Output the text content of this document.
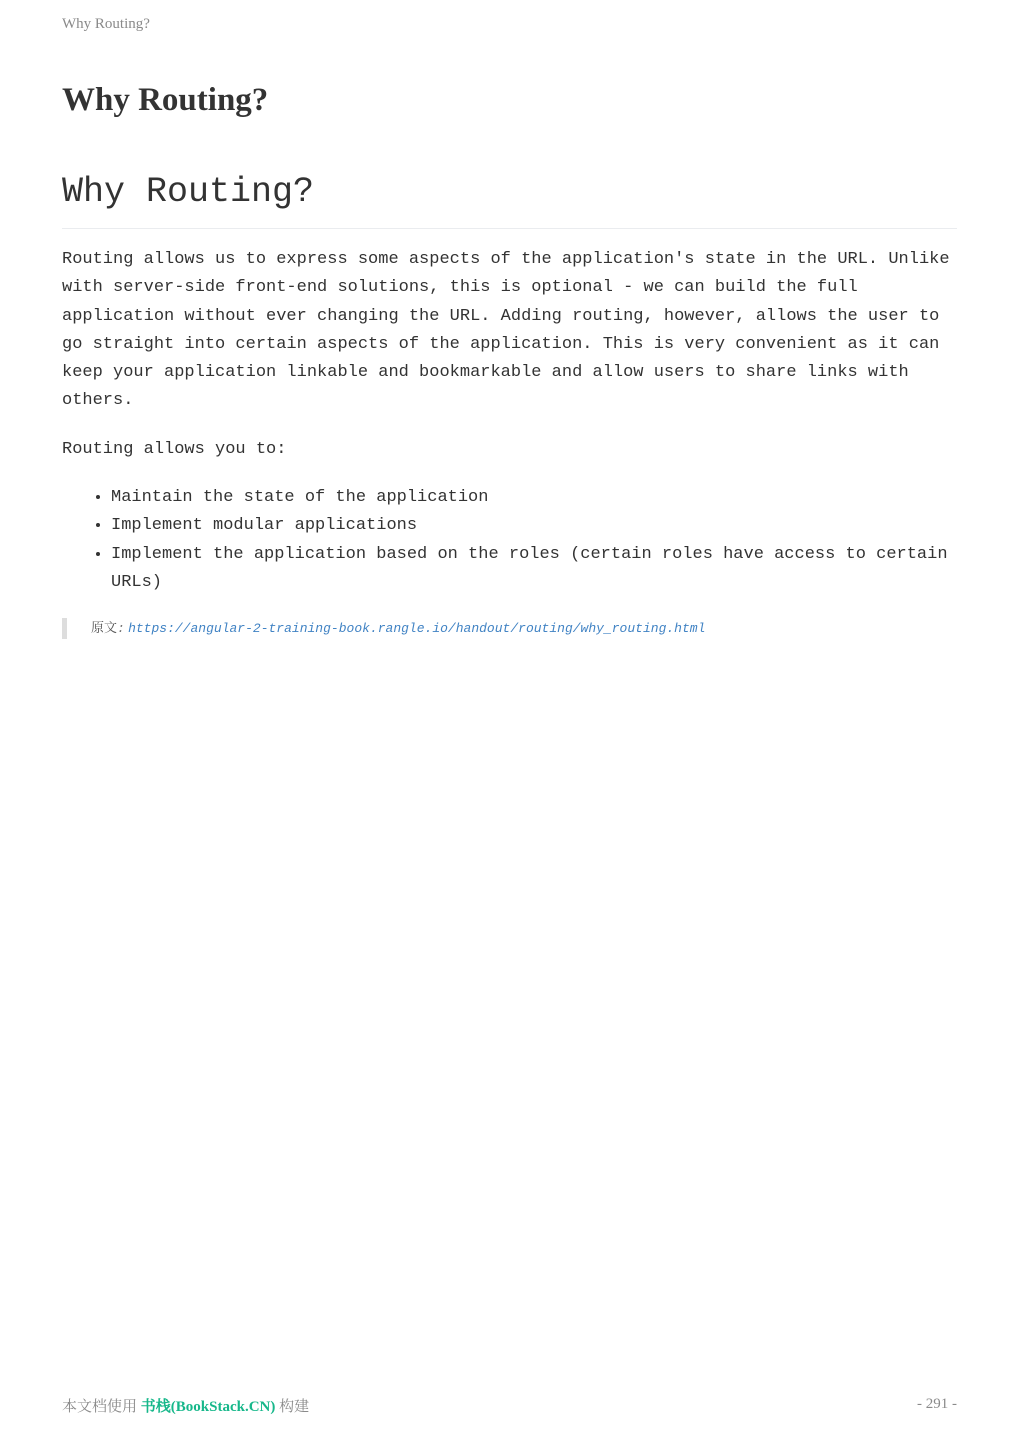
Why Routing?
Why Routing?
Why Routing?

Routing allows us to express some aspects of the application's state in the URL. Unlike with server-side front-end solutions, this is optional - we can build the full application without ever changing the URL. Adding routing, however, allows the user to go straight into certain aspects of the application. This is very convenient as it can keep your application linkable and bookmarkable and allow users to share links with others.

Routing allows you to:

• Maintain the state of the application
• Implement modular applications
• Implement the application based on the roles (certain roles have access to certain URLs)
原文: https://angular-2-training-book.rangle.io/handout/routing/why_routing.html
本文档使用 书栈(BookStack.CN) 构建	- 291 -
